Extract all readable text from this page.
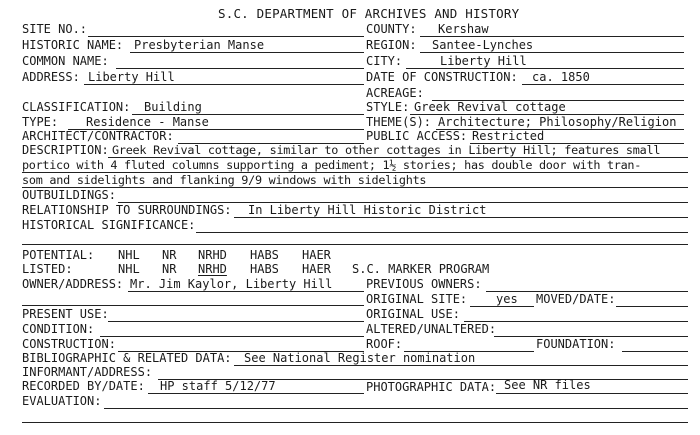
S.C. DEPARTMENT OF ARCHIVES AND HISTORY
SITE NO.:	COUNTY: Kershaw
HISTORIC NAME: Presbyterian Manse	REGION: Santee-Lynches
COMMON NAME:	CITY:	Liberty Hill
ADDRESS: Liberty Hill	DATE OF CONSTRUCTION: ca. 1850
ACREAGE:
CLASSIFICATION: Building	STYLE: Greek Revival cottage
TYPE: Residence - Manse	THEME(S): Architecture; Philosophy/Religion
ARCHITECT/CONTRACTOR:	PUBLIC ACCESS: Restricted
DESCRIPTION: Greek Revival cottage, similar to other cottages in Liberty Hill; features small
portico with 4 fluted columns supporting a pediment; 1½ stories; has double door with tran-
som and sidelights and flanking 9/9 windows with sidelights
OUTBUILDINGS:
RELATIONSHIP TO SURROUNDINGS: In Liberty Hill Historic District
HISTORICAL SIGNIFICANCE:
POTENTIAL: NHL NR NRHD HABS HAER
LISTED:	NHL NR NRHD HABS HAER S.C. MARKER PROGRAM
OWNER/ADDRESS: Mr. Jim Kaylor, Liberty Hill	PREVIOUS OWNERS:
ORIGINAL SITE: yes MOVED/DATE:
PRESENT USE:	ORIGINAL USE:
CONDITION:	ALTERED/UNALTERED:
CONSTRUCTION:	ROOF:	FOUNDATION:
BIBLIOGRAPHIC & RELATED DATA: See National Register nomination
INFORMANT/ADDRESS:
RECORDED BY/DATE: HP staff 5/12/77	PHOTOGRAPHIC DATA: See NR files
EVALUATION:
